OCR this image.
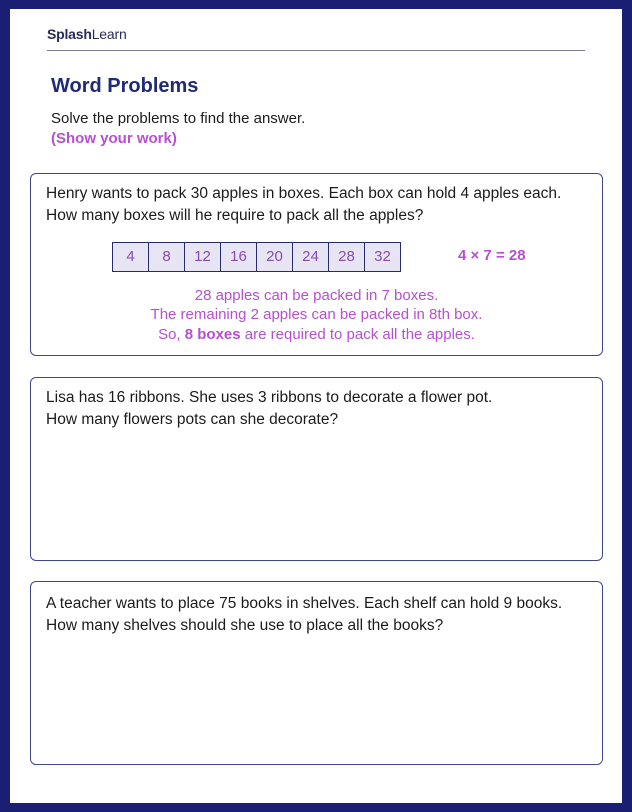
SplashLearn
Word Problems
Solve the problems to find the answer.
(Show your work)
Henry wants to pack 30 apples in boxes. Each box can hold 4 apples each.
How many boxes will he require to pack all the apples?
4	8	12	16	20	24	28	32	4 × 7 = 28
28 apples can be packed in 7 boxes.
The remaining 2 apples can be packed in 8th box.
So, 8 boxes are required to pack all the apples.
Lisa has 16 ribbons. She uses 3 ribbons to decorate a flower pot.
How many flowers pots can she decorate?
A teacher wants to place 75 books in shelves. Each shelf can hold 9 books.
How many shelves should she use to place all the books?
